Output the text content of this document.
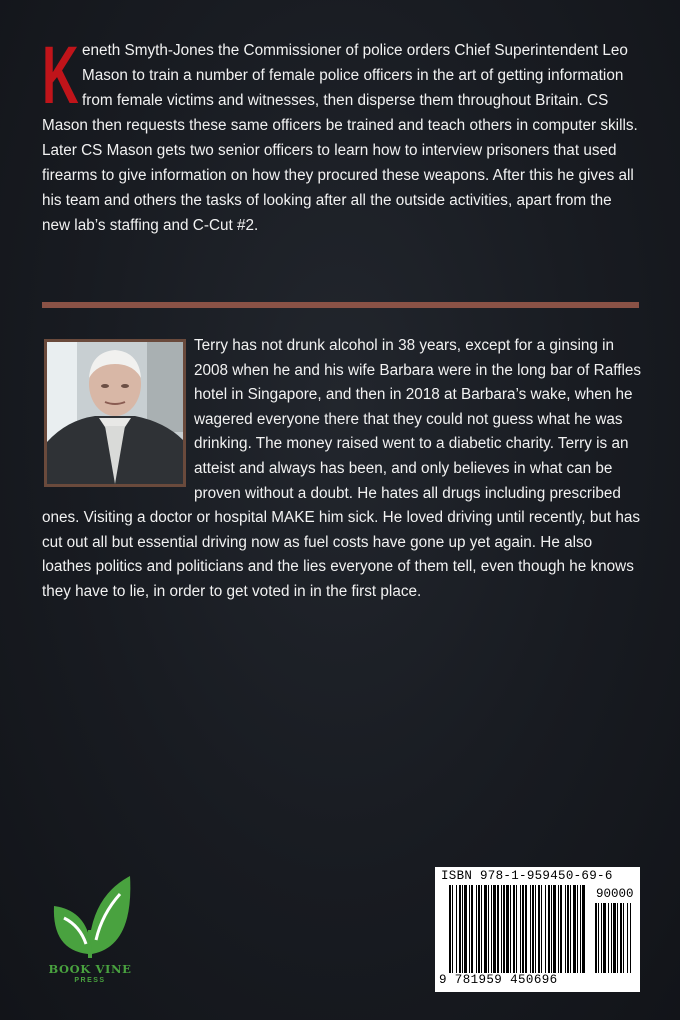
Keneth Smyth-Jones the Commissioner of police orders Chief Superintendent Leo Mason to train a number of female police officers in the art of getting information from female victims and witnesses, then disperse them throughout Britain. CS Mason then requests these same officers be trained and teach others in computer skills. Later CS Mason gets two senior officers to learn how to interview prisoners that used firearms to give information on how they procured these weapons. After this he gives all his team and others the tasks of looking after all the outside activities, apart from the new lab’s staffing and C-Cut #2.

Terry has not drunk alcohol in 38 years, except for a ginsing in 2008 when he and his wife Barbara were in the long bar of Raffles hotel in Singapore, and then in 2018 at Barbara’s wake, when he wagered everyone there that they could not guess what he was drinking. The money raised went to a diabetic charity. Terry is an atteist and always has been, and only believes in what can be proven without a doubt. He hates all drugs including prescribed ones. Visiting a doctor or hospital MAKE him sick. He loved driving until recently, but has cut out all but essential driving now as fuel costs have gone up yet again. He also loathes politics and politicians and the lies everyone of them tell, even though he knows they have to lie, in order to get voted in in the first place.

BOOK VINE
PRESS
ISBN 978-1-959450-69-6
90000
9 781959 450696
